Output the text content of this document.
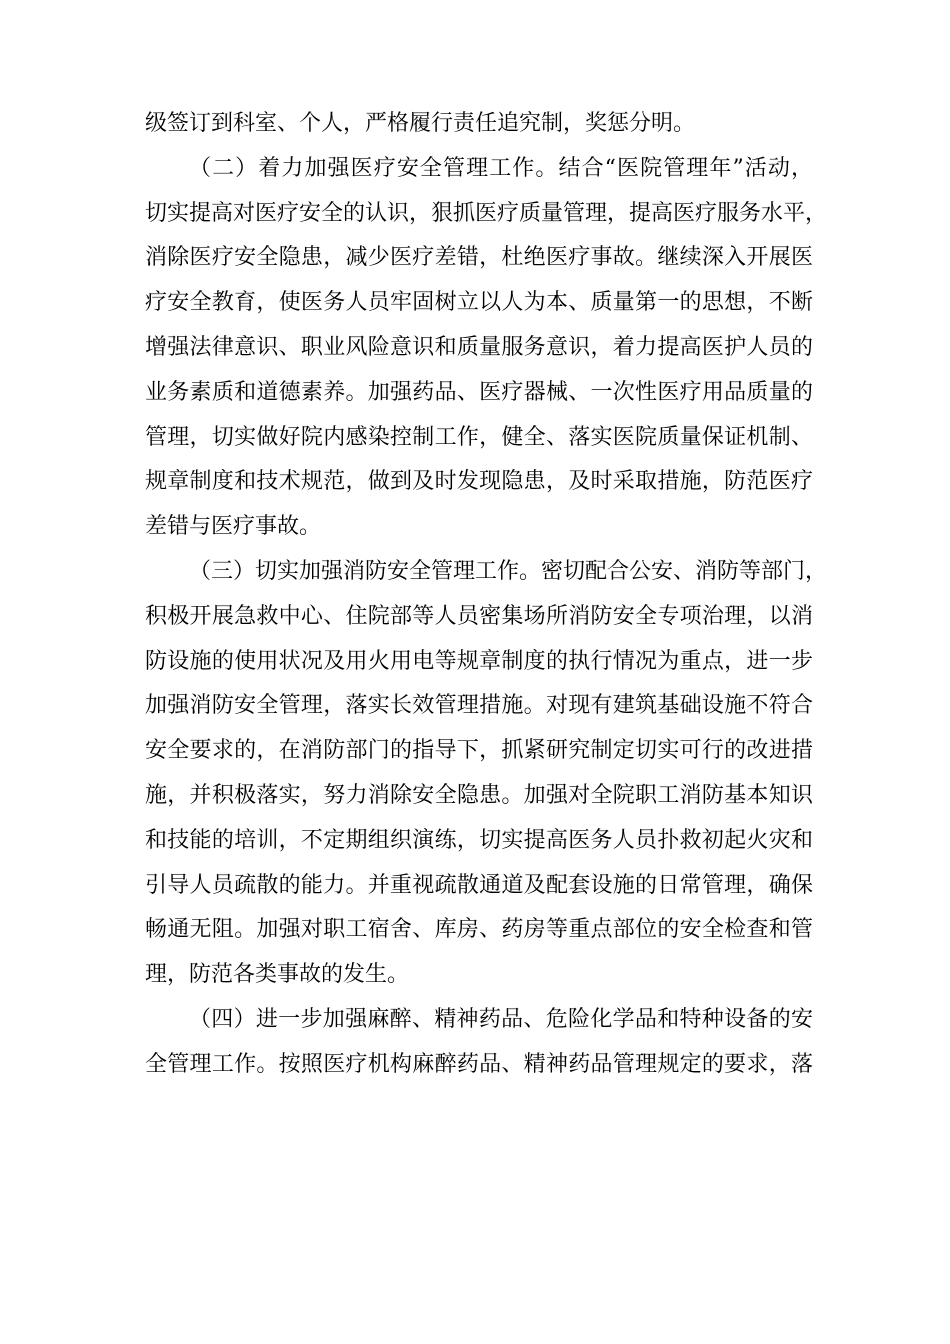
级签订到科室、个人，严格履行责任追究制，奖惩分明。
（二）着力加强医疗安全管理工作。结合“医院管理年”活动，
切实提高对医疗安全的认识，狠抓医疗质量管理，提高医疗服务水平，
消除医疗安全隐患，减少医疗差错，杜绝医疗事故。继续深入开展医
疗安全教育，使医务人员牢固树立以人为本、质量第一的思想，不断
增强法律意识、职业风险意识和质量服务意识，着力提高医护人员的
业务素质和道德素养。加强药品、医疗器械、一次性医疗用品质量的
管理，切实做好院内感染控制工作，健全、落实医院质量保证机制、
规章制度和技术规范，做到及时发现隐患，及时采取措施，防范医疗
差错与医疗事故。
（三）切实加强消防安全管理工作。密切配合公安、消防等部门，
积极开展急救中心、住院部等人员密集场所消防安全专项治理，以消
防设施的使用状况及用火用电等规章制度的执行情况为重点，进一步
加强消防安全管理，落实长效管理措施。对现有建筑基础设施不符合
安全要求的，在消防部门的指导下，抓紧研究制定切实可行的改进措
施，并积极落实，努力消除安全隐患。加强对全院职工消防基本知识
和技能的培训，不定期组织演练，切实提高医务人员扑救初起火灾和
引导人员疏散的能力。并重视疏散通道及配套设施的日常管理，确保
畅通无阻。加强对职工宿舍、库房、药房等重点部位的安全检查和管
理，防范各类事故的发生。
（四）进一步加强麻醉、精神药品、危险化学品和特种设备的安
全管理工作。按照医疗机构麻醉药品、精神药品管理规定的要求，落
